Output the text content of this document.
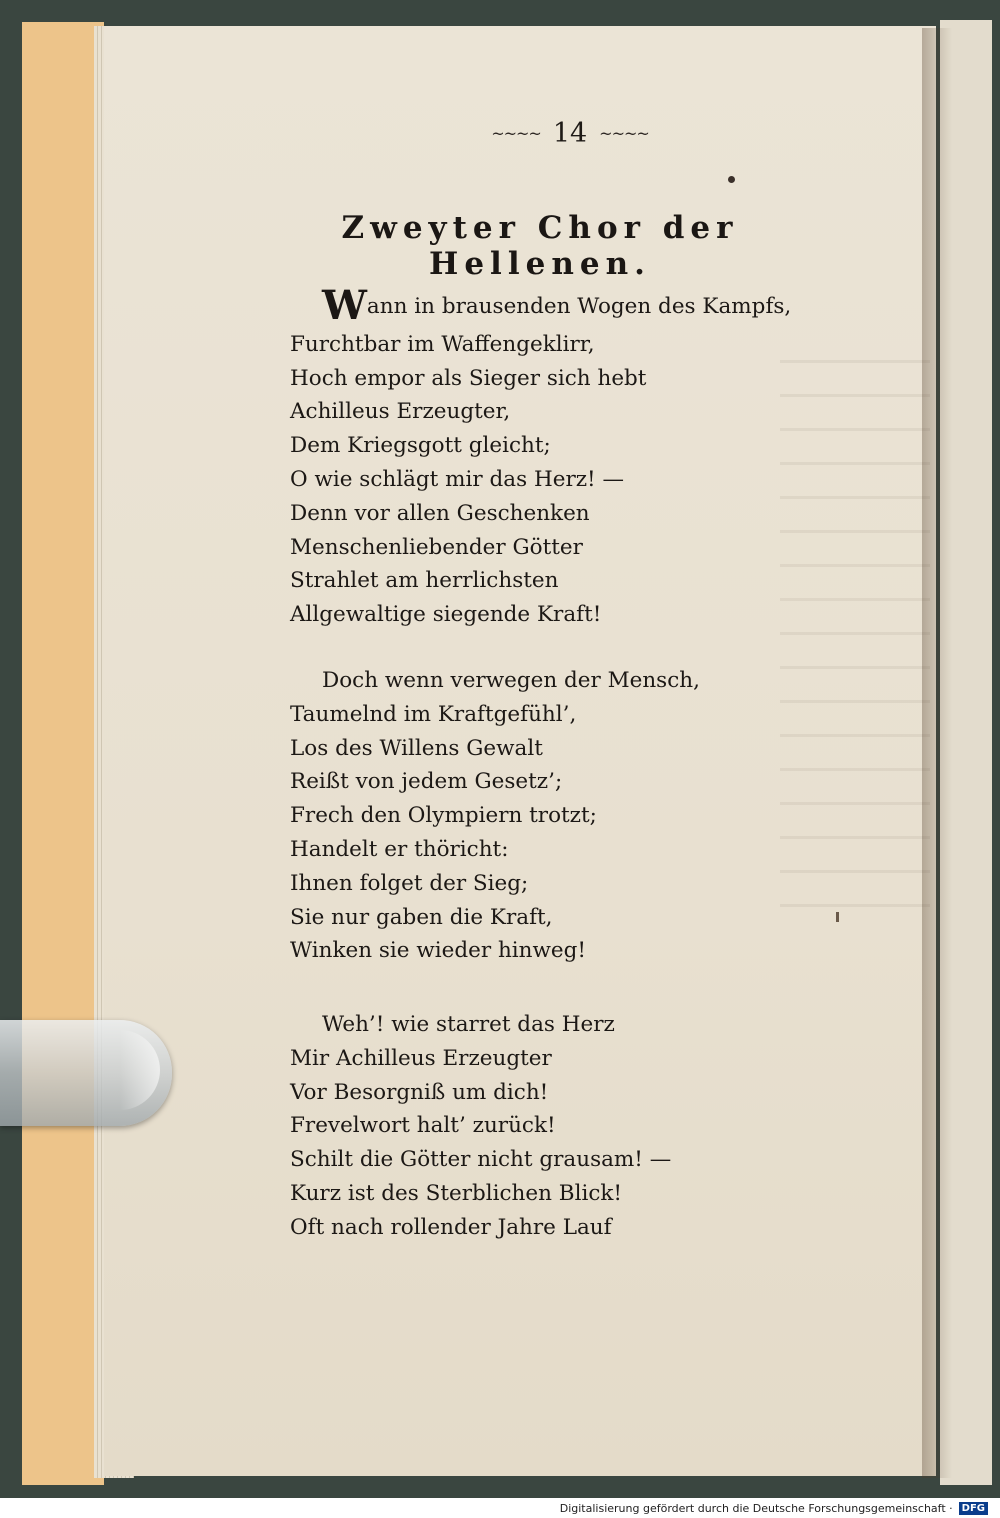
~~~~ 14 ~~~~
Zweyter Chor der Hellenen.
Wann in brausenden Wogen des Kampfs,
Furchtbar im Waffengeklirr,
Hoch empor als Sieger sich hebt
Achilleus Erzeugter,
Dem Kriegsgott gleicht;
O wie schlägt mir das Herz! —
Denn vor allen Geschenken
Menschenliebender Götter
Strahlet am herrlichsten
Allgewaltige siegende Kraft!
Doch wenn verwegen der Mensch,
Taumelnd im Kraftgefühl’,
Los des Willens Gewalt
Reißt von jedem Gesetz’;
Frech den Olympiern trotzt;
Handelt er thöricht:
Ihnen folget der Sieg;
Sie nur gaben die Kraft,
Winken sie wieder hinweg!
Weh’! wie starret das Herz
Mir Achilleus Erzeugter
Vor Besorgniß um dich!
Frevelwort halt’ zurück!
Schilt die Götter nicht grausam! —
Kurz ist des Sterblichen Blick!
Oft nach rollender Jahre Lauf
Digitalisierung gefördert durch die Deutsche Forschungsgemeinschaft · DFG
